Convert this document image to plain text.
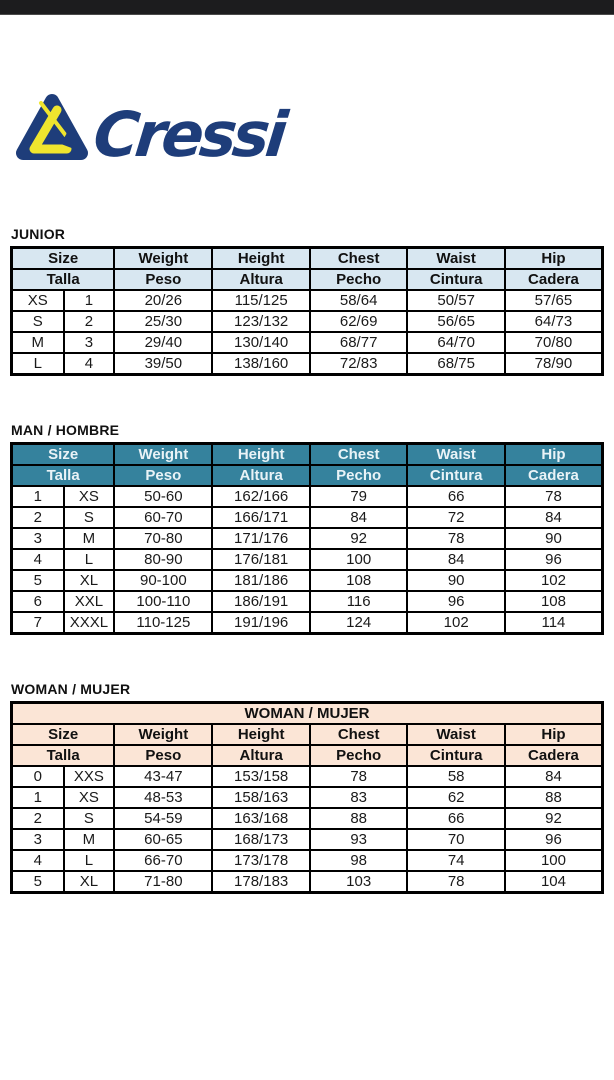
Cressi
JUNIOR
Size		Weight	Height	Chest	Waist	Hip
Talla		Peso	Altura	Pecho	Cintura	Cadera
XS	1	20/26	115/125	58/64	50/57	57/65
S	2	25/30	123/132	62/69	56/65	64/73
M	3	29/40	130/140	68/77	64/70	70/80
L	4	39/50	138/160	72/83	68/75	78/90
MAN / HOMBRE
Size		Weight	Height	Chest	Waist	Hip
Talla		Peso	Altura	Pecho	Cintura	Cadera
1	XS	50-60	162/166	79	66	78
2	S	60-70	166/171	84	72	84
3	M	70-80	171/176	92	78	90
4	L	80-90	176/181	100	84	96
5	XL	90-100	181/186	108	90	102
6	XXL	100-110	186/191	116	96	108
7	XXXL	110-125	191/196	124	102	114
WOMAN / MUJER
WOMAN / MUJER						
Size		Weight	Height	Chest	Waist	Hip
Talla		Peso	Altura	Pecho	Cintura	Cadera
0	XXS	43-47	153/158	78	58	84
1	XS	48-53	158/163	83	62	88
2	S	54-59	163/168	88	66	92
3	M	60-65	168/173	93	70	96
4	L	66-70	173/178	98	74	100
5	XL	71-80	178/183	103	78	104
